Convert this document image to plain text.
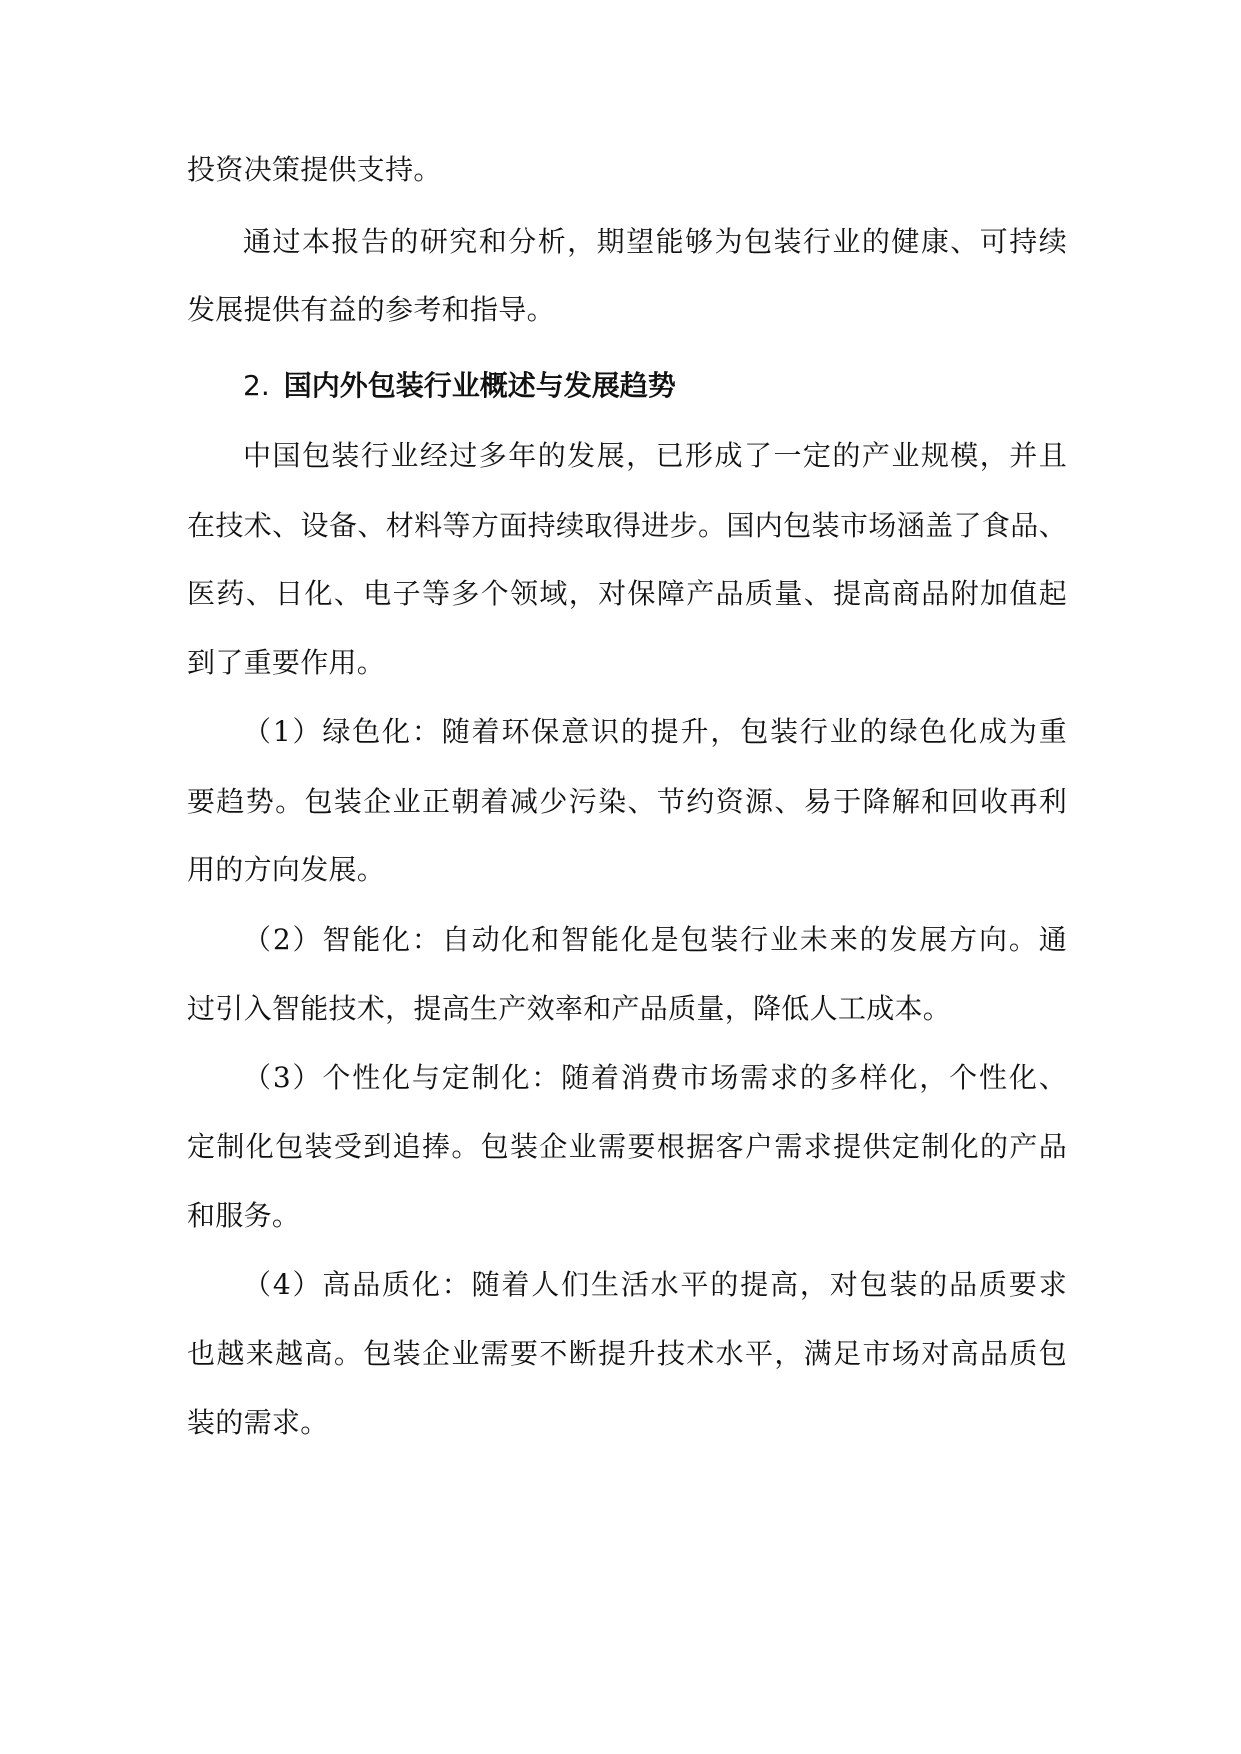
投资决策提供支持。
通过本报告的研究和分析，期望能够为包装行业的健康、可持续
发展提供有益的参考和指导。
2. 国内外包装行业概述与发展趋势
中国包装行业经过多年的发展，已形成了一定的产业规模，并且
在技术、设备、材料等方面持续取得进步。国内包装市场涵盖了食品、
医药、日化、电子等多个领域，对保障产品质量、提高商品附加值起
到了重要作用。
（1）绿色化：随着环保意识的提升，包装行业的绿色化成为重
要趋势。包装企业正朝着减少污染、节约资源、易于降解和回收再利
用的方向发展。
（2）智能化：自动化和智能化是包装行业未来的发展方向。通
过引入智能技术，提高生产效率和产品质量，降低人工成本。
（3）个性化与定制化：随着消费市场需求的多样化，个性化、
定制化包装受到追捧。包装企业需要根据客户需求提供定制化的产品
和服务。
（4）高品质化：随着人们生活水平的提高，对包装的品质要求
也越来越高。包装企业需要不断提升技术水平，满足市场对高品质包
装的需求。
